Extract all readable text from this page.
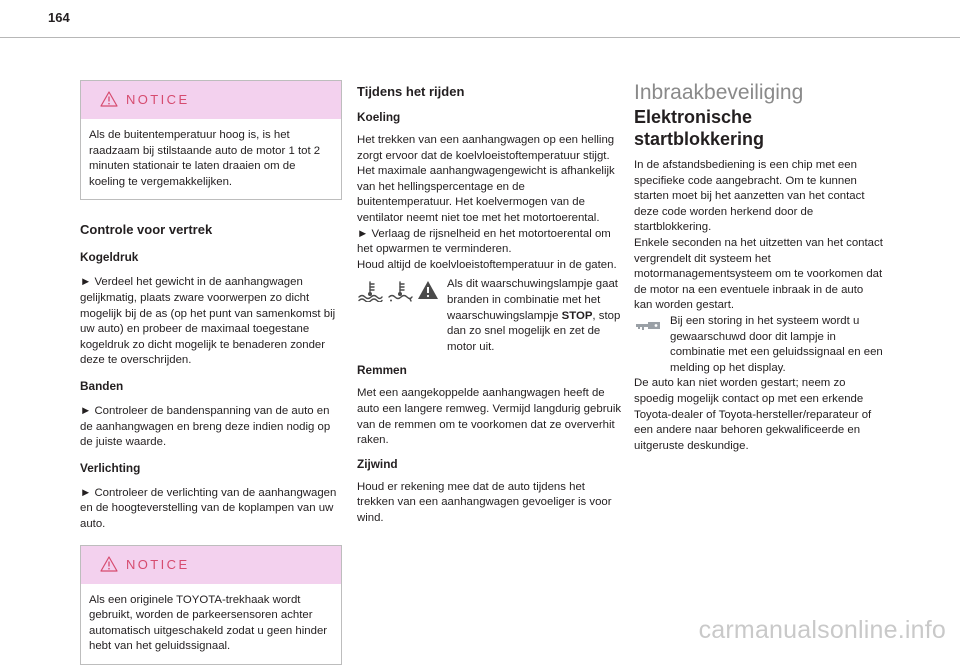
164
NOTICE

Als de buitentemperatuur hoog is, is het raadzaam bij stilstaande auto de motor 1 tot 2 minuten stationair te laten draaien om de koeling te vergemakkelijken.

Controle voor vertrek
Kogeldruk

► Verdeel het gewicht in de aanhangwagen gelijkmatig, plaats zware voorwerpen zo dicht mogelijk bij de as (op het punt van samenkomst bij uw auto) en probeer de maximaal toegestane kogeldruk zo dicht mogelijk te benaderen zonder deze te overschrijden.

Banden

► Controleer de bandenspanning van de auto en de aanhangwagen en breng deze indien nodig op de juiste waarde.

Verlichting

► Controleer de verlichting van de aanhangwagen en de hoogteverstelling van de koplampen van uw auto.

NOTICE

Als een originele TOYOTA-trekhaak wordt gebruikt, worden de parkeersensoren achter automatisch uitgeschakeld zodat u geen hinder hebt van het geluidssignaal.

Tijdens het rijden
Koeling

Het trekken van een aanhangwagen op een helling zorgt ervoor dat de koelvloeistoftemperatuur stijgt. Het maximale aanhangwagengewicht is afhankelijk van het hellingspercentage en de buitentemperatuur. Het koelvermogen van de ventilator neemt niet toe met het motortoerental.

► Verlaag de rijsnelheid en het motortoerental om het opwarmen te verminderen.

Houd altijd de koelvloeistoftemperatuur in de gaten.

Als dit waarschuwingslampje gaat branden in combinatie met het waarschuwingslampje STOP, stop dan zo snel mogelijk en zet de motor uit.

Remmen

Met een aangekoppelde aanhangwagen heeft de auto een langere remweg. Vermijd langdurig gebruik van de remmen om te voorkomen dat ze oververhit raken.

Zijwind

Houd er rekening mee dat de auto tijdens het trekken van een aanhangwagen gevoeliger is voor wind.

Inbraakbeveiliging
Elektronische startblokkering

In de afstandsbediening is een chip met een specifieke code aangebracht. Om te kunnen starten moet bij het aanzetten van het contact deze code worden herkend door de startblokkering.

Enkele seconden na het uitzetten van het contact vergrendelt dit systeem het motormanagementsysteem om te voorkomen dat de motor na een eventuele inbraak in de auto kan worden gestart.

Bij een storing in het systeem wordt u gewaarschuwd door dit lampje in combinatie met een geluidssignaal en een melding op het display.

De auto kan niet worden gestart; neem zo spoedig mogelijk contact op met een erkende Toyota-dealer of Toyota-hersteller/reparateur of een andere naar behoren gekwalificeerde en uitgeruste deskundige.

carmanualsonline.info
